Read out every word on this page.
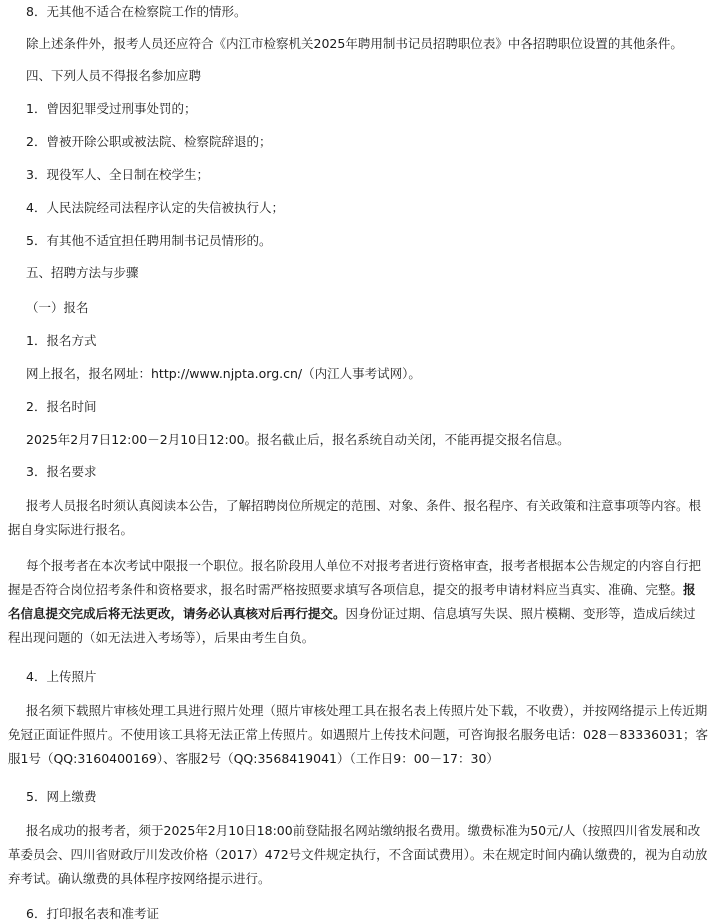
8．无其他不适合在检察院工作的情形。
除上述条件外，报考人员还应符合《内江市检察机关2025年聘用制书记员招聘职位表》中各招聘职位设置的其他条件。
四、下列人员不得报名参加应聘
1．曾因犯罪受过刑事处罚的；
2．曾被开除公职或被法院、检察院辞退的；
3．现役军人、全日制在校学生；
4．人民法院经司法程序认定的失信被执行人；
5．有其他不适宜担任聘用制书记员情形的。
五、招聘方法与步骤
（一）报名
1．报名方式
网上报名，报名网址：http://www.njpta.org.cn/（内江人事考试网）。
2．报名时间
2025年2月7日12:00－2月10日12:00。报名截止后，报名系统自动关闭，不能再提交报名信息。
3．报名要求
报考人员报名时须认真阅读本公告，了解招聘岗位所规定的范围、对象、条件、报名程序、有关政策和注意事项等内容。根据自身实际进行报名。
每个报考者在本次考试中限报一个职位。报名阶段用人单位不对报考者进行资格审查，报考者根据本公告规定的内容自行把握是否符合岗位招考条件和资格要求，报名时需严格按照要求填写各项信息，提交的报考申请材料应当真实、准确、完整。报名信息提交完成后将无法更改，请务必认真核对后再行提交。因身份证过期、信息填写失误、照片模糊、变形等，造成后续过程出现问题的（如无法进入考场等），后果由考生自负。
4．上传照片
报名须下载照片审核处理工具进行照片处理（照片审核处理工具在报名表上传照片处下载，不收费），并按网络提示上传近期免冠正面证件照片。不使用该工具将无法正常上传照片。如遇照片上传技术问题，可咨询报名服务电话：028－83336031；客服1号（QQ:3160400169）、客服2号（QQ:3568419041）（工作日9：00－17：30）
5．网上缴费
报名成功的报考者，须于2025年2月10日18:00前登陆报名网站缴纳报名费用。缴费标准为50元/人（按照四川省发展和改革委员会、四川省财政厅川发改价格（2017）472号文件规定执行，不含面试费用）。未在规定时间内确认缴费的，视为自动放弃考试。确认缴费的具体程序按网络提示进行。
6．打印报名表和准考证
